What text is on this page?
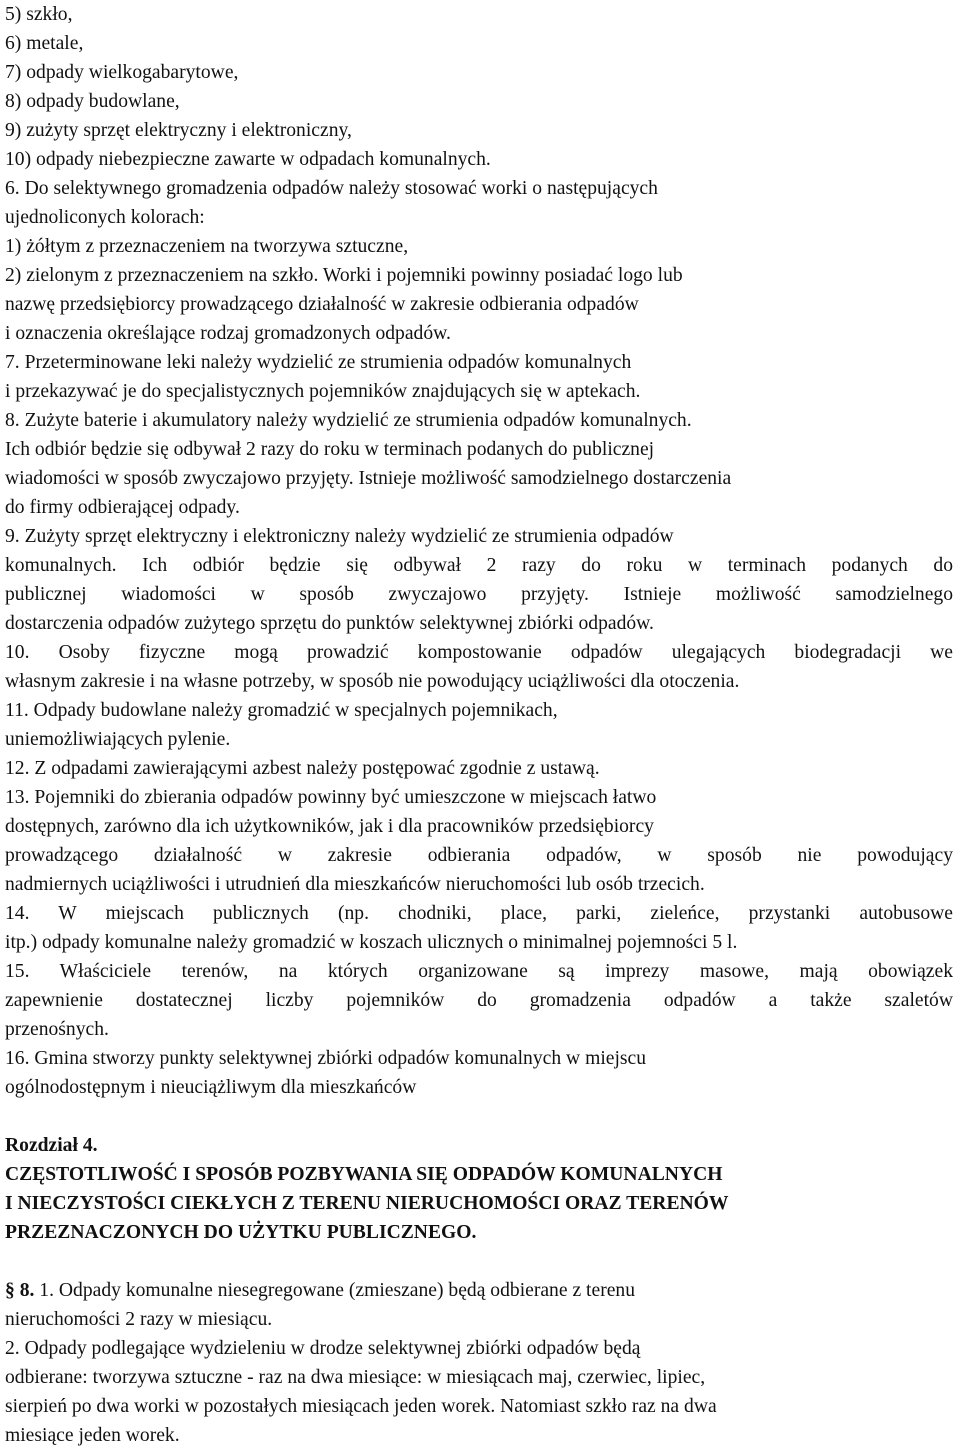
5) szkło,
6) metale,
7) odpady wielkogabarytowe,
8) odpady budowlane,
9) zużyty sprzęt elektryczny i elektroniczny,
10) odpady niebezpieczne zawarte w odpadach komunalnych.
6. Do selektywnego gromadzenia odpadów należy stosować worki o następujących
ujednoliconych kolorach:
1) żółtym z przeznaczeniem na tworzywa sztuczne,
2) zielonym z przeznaczeniem na szkło. Worki i pojemniki powinny posiadać logo lub
nazwę przedsiębiorcy prowadzącego działalność w zakresie odbierania odpadów
i oznaczenia określające rodzaj gromadzonych odpadów.
7. Przeterminowane leki należy wydzielić ze strumienia odpadów komunalnych
i przekazywać je do specjalistycznych pojemników znajdujących się w aptekach.
8. Zużyte baterie i akumulatory należy wydzielić ze strumienia odpadów komunalnych.
Ich odbiór będzie się odbywał 2 razy do roku w terminach podanych do publicznej
wiadomości w sposób zwyczajowo przyjęty. Istnieje możliwość samodzielnego dostarczenia
do firmy odbierającej odpady.
9. Zużyty sprzęt elektryczny i elektroniczny należy wydzielić ze strumienia odpadów
komunalnych. Ich odbiór będzie się odbywał 2 razy do roku w terminach podanych do
publicznej wiadomości w sposób zwyczajowo przyjęty. Istnieje możliwość samodzielnego
dostarczenia odpadów zużytego sprzętu do punktów selektywnej zbiórki odpadów.
10. Osoby fizyczne mogą prowadzić kompostowanie odpadów ulegających biodegradacji we
własnym zakresie i na własne potrzeby, w sposób nie powodujący uciążliwości dla otoczenia.
11. Odpady budowlane należy gromadzić w specjalnych pojemnikach,
uniemożliwiających pylenie.
12. Z odpadami zawierającymi azbest należy postępować zgodnie z ustawą.
13. Pojemniki do zbierania odpadów powinny być umieszczone w miejscach łatwo
dostępnych, zarówno dla ich użytkowników, jak i dla pracowników przedsiębiorcy
prowadzącego działalność w zakresie odbierania odpadów, w sposób nie powodujący
nadmiernych uciążliwości i utrudnień dla mieszkańców nieruchomości lub osób trzecich.
14. W miejscach publicznych (np. chodniki, place, parki, zieleńce, przystanki autobusowe
itp.) odpady komunalne należy gromadzić w koszach ulicznych o minimalnej pojemności 5 l.
15. Właściciele terenów, na których organizowane są imprezy masowe, mają obowiązek
zapewnienie dostatecznej liczby pojemników do gromadzenia odpadów a także szaletów
przenośnych.
16. Gmina stworzy punkty selektywnej zbiórki odpadów komunalnych w miejscu
ogólnodostępnym i nieuciążliwym dla mieszkańców
Rozdział 4.
CZĘSTOTLIWOŚĆ I SPOSÓB POZBYWANIA SIĘ ODPADÓW KOMUNALNYCH
I NIECZYSTOŚCI CIEKŁYCH Z TERENU NIERUCHOMOŚCI ORAZ TERENÓW
PRZEZNACZONYCH DO UŻYTKU PUBLICZNEGO.
§ 8. 1. Odpady komunalne niesegregowane (zmieszane) będą odbierane z terenu
nieruchomości 2 razy w miesiącu.
2. Odpady podlegające wydzieleniu w drodze selektywnej zbiórki odpadów będą
odbierane: tworzywa sztuczne - raz na dwa miesiące: w miesiącach maj, czerwiec, lipiec,
sierpień po dwa worki w pozostałych miesiącach jeden worek. Natomiast szkło raz na dwa
miesiące jeden worek.
